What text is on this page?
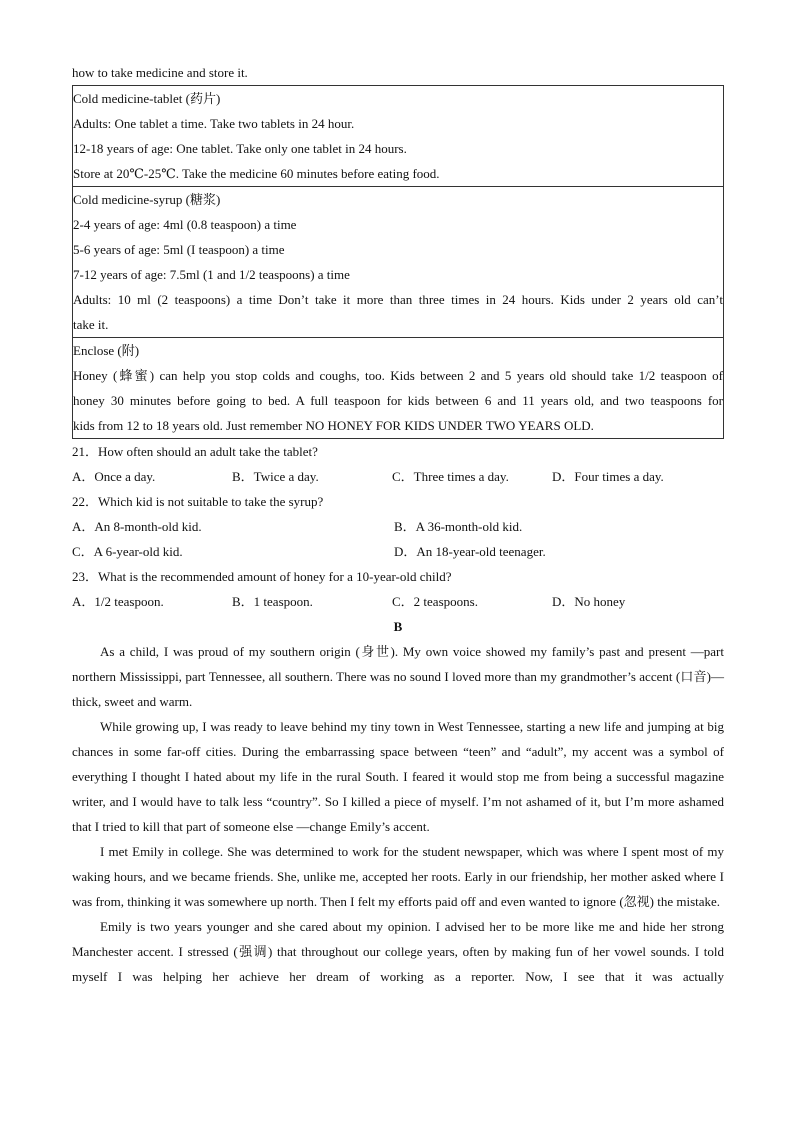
how to take medicine and store it.
Cold medicine-tablet (药片)
Adults: One tablet a time. Take two tablets in 24 hour.
12-18 years of age: One tablet. Take only one tablet in 24 hours.
Store at 20℃-25℃. Take the medicine 60 minutes before eating food.
Cold medicine-syrup (糖浆)
2-4 years of age: 4ml (0.8 teaspoon) a time
5-6 years of age: 5ml (I teaspoon) a time
7-12 years of age: 7.5ml (1 and 1/2 teaspoons) a time
Adults: 10 ml (2 teaspoons) a time Don’t take it more than three times in 24 hours. Kids under 2 years old can’t
take it.
Enclose (附)
Honey (蜂蜜) can help you stop colds and coughs, too. Kids between 2 and 5 years old should take 1/2 teaspoon of
honey 30 minutes before going to bed. A full teaspoon for kids between 6 and 11 years old, and two teaspoons for
kids from 12 to 18 years old. Just remember NO HONEY FOR KIDS UNDER TWO YEARS OLD.
21．How often should an adult take the tablet?
A．Once a day.	B．Twice a day.	C．Three times a day.	D．Four times a day.
22．Which kid is not suitable to take the syrup?
A．An 8-month-old kid.	B．A 36-month-old kid.
C．A 6-year-old kid.	D．An 18-year-old teenager.
23．What is the recommended amount of honey for a 10-year-old child?
A．1/2 teaspoon.	B．1 teaspoon.	C．2 teaspoons.	D．No honey
B
As a child, I was proud of my southern origin (身世). My own voice showed my family’s past and present —part northern Mississippi, part Tennessee, all southern. There was no sound I loved more than my grandmother’s accent (口音)—thick, sweet and warm.
While growing up, I was ready to leave behind my tiny town in West Tennessee, starting a new life and jumping at big chances in some far-off cities. During the embarrassing space between “teen” and “adult”, my accent was a symbol of everything I thought I hated about my life in the rural South. I feared it would stop me from being a successful magazine writer, and I would have to talk less “country”. So I killed a piece of myself. I’m not ashamed of it, but I’m more ashamed that I tried to kill that part of someone else —change Emily’s accent.
I met Emily in college. She was determined to work for the student newspaper, which was where I spent most of my waking hours, and we became friends. She, unlike me, accepted her roots. Early in our friendship, her mother asked where I was from, thinking it was somewhere up north. Then I felt my efforts paid off and even wanted to ignore (忽视) the mistake.
Emily is two years younger and she cared about my opinion. I advised her to be more like me and hide her strong Manchester accent. I stressed (强调) that throughout our college years, often by making fun of her vowel sounds. I told myself I was helping her achieve her dream of working as a reporter. Now, I see that it was actually
